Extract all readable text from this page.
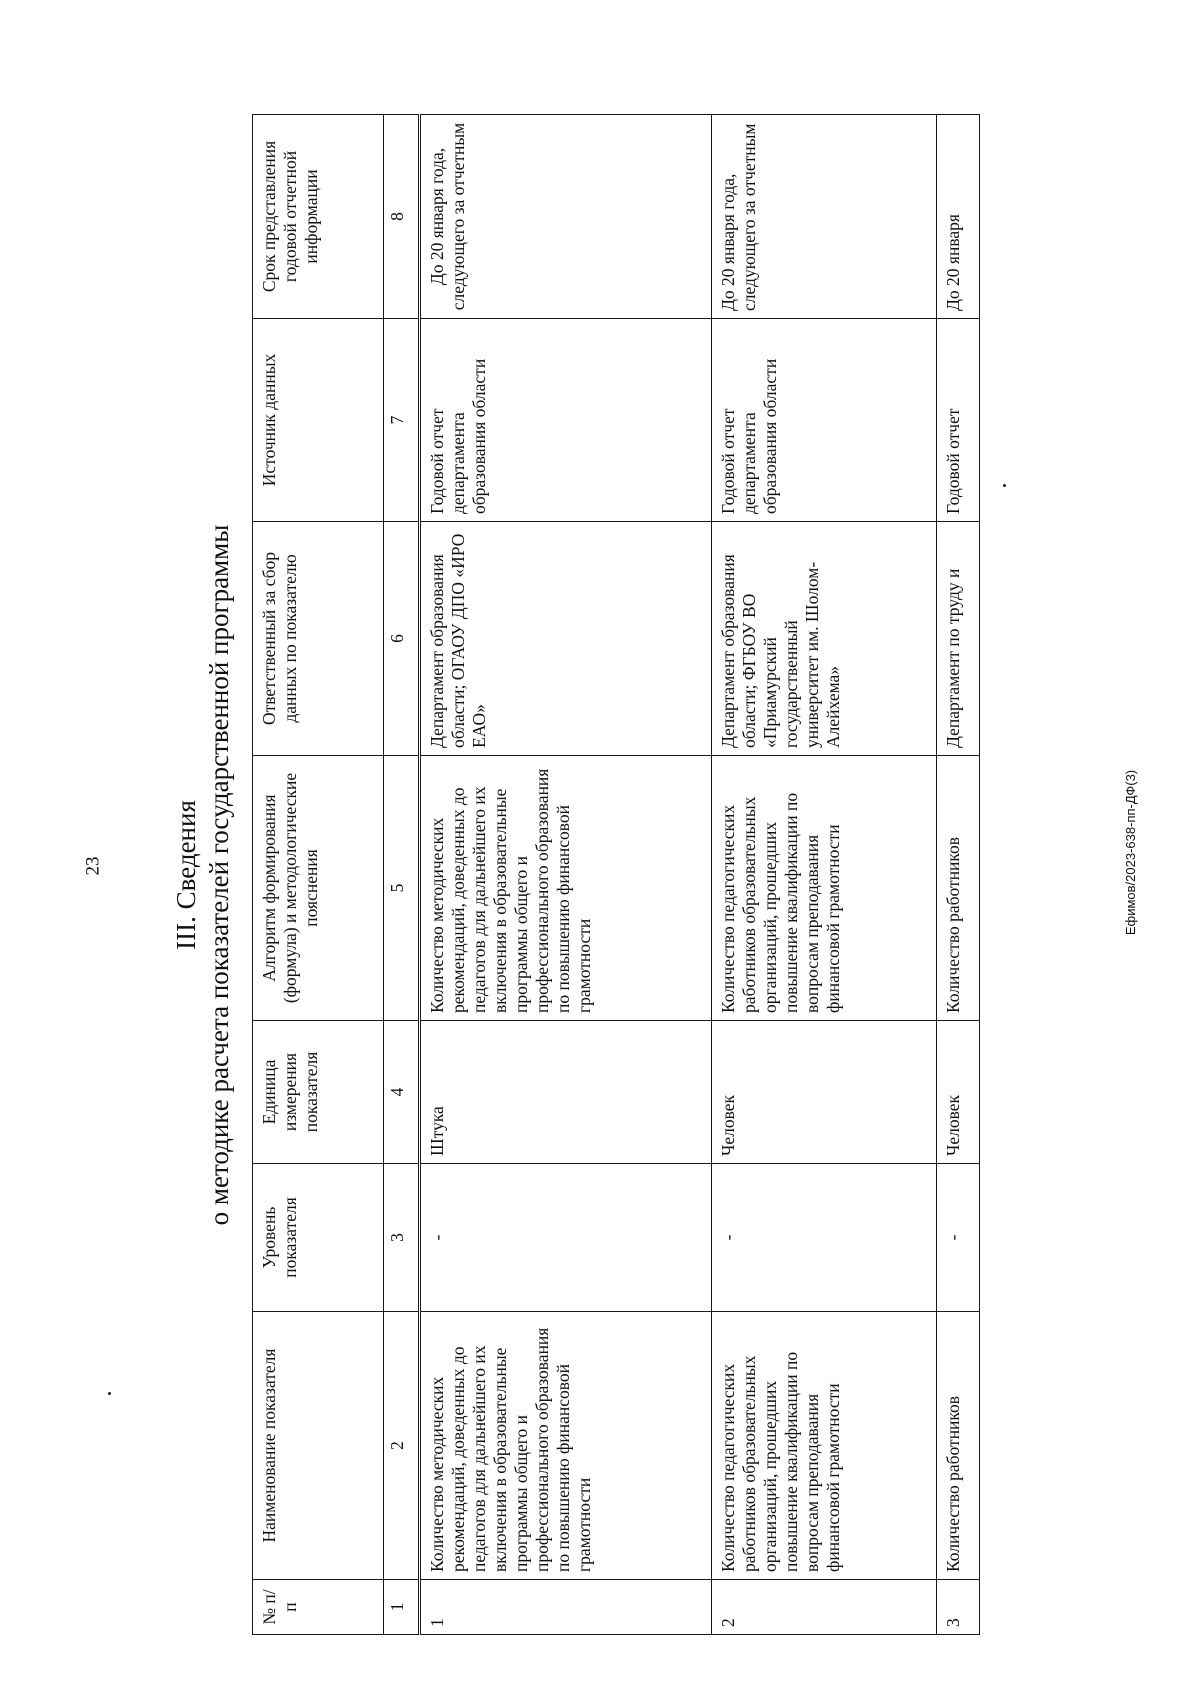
23	Ефимов/2023-638-пп-ДФ(3)

III. Сведения о методике расчета показателей государственной программы

№ п/п	Наименование показателя	Уровень показателя	Единица измерения показателя	Алгоритм формирования (формула) и методологические пояснения	Ответственный за сбор данных по показателю	Источник данных	Срок представления годовой отчетной информации
1	2	3	4	5	6	7	8
1	Количество методических рекомендаций, доведенных до педагогов для дальнейшего их включения в образовательные программы общего и профессионального образования по повышению финансовой грамотности	-	Штука	Количество методических рекомендаций, доведенных до педагогов для дальнейшего их включения в образовательные программы общего и профессионального образования по повышению финансовой грамотности	Департамент образования области; ОГАОУ ДПО «ИРО ЕАО»	Годовой отчет департамента образования области	До 20 января года, следующего за отчетным
2	Количество педагогических работников образовательных организаций, прошедших повышение квалификации по вопросам преподавания финансовой грамотности	-	Человек	Количество педагогических работников образовательных организаций, прошедших повышение квалификации по вопросам преподавания финансовой грамотности	Департамент образования области; ФГБОУ ВО «Приамурский государственный университет им. Шолом-Алейхема»	Годовой отчет департамента образования области	До 20 января года, следующего за отчетным
3	Количество работников	-	Человек	Количество работников	Департамент по труду и	Годовой отчет	До 20 января
